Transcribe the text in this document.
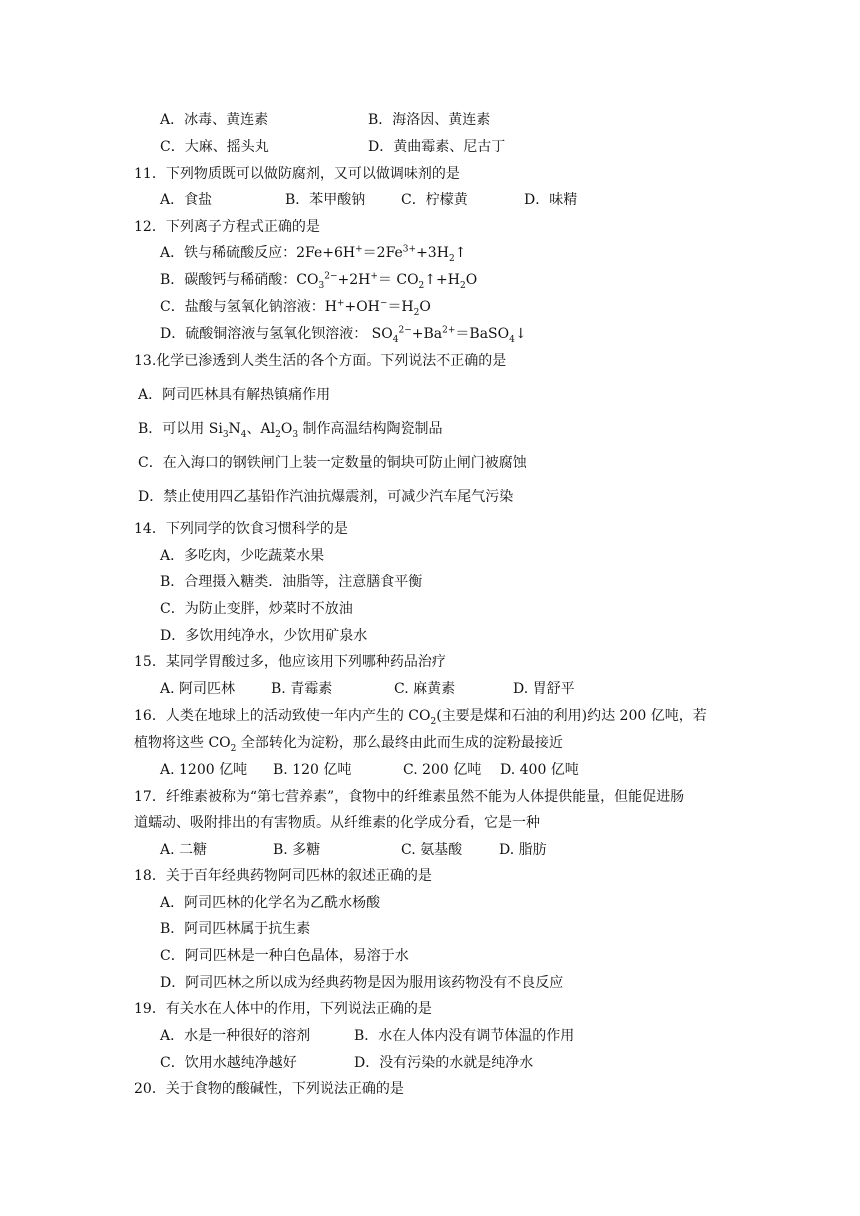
A．冰毒、黄连素	B．海洛因、黄连素
C．大麻、摇头丸	D．黄曲霉素、尼古丁
11．下列物质既可以做防腐剂，又可以做调味剂的是
A．食盐	B．苯甲酸钠	C．柠檬黄	D．味精
12．下列离子方程式正确的是
A．铁与稀硫酸反应：$2Fe+6H^+=2Fe^{3+}+3H_2↑$
B．碳酸钙与稀硝酸：$CO_3^{2-}+2H^+=$ $CO_2↑+H_2O$
C．盐酸与氢氧化钠溶液：$H^++OH^-=H_2O$
D．硫酸铜溶液与氢氧化钡溶液： $SO_4^{2-}+Ba^{2+}=BaSO_4↓$
13.化学已渗透到人类生活的各个方面。下列说法不正确的是
A．阿司匹林具有解热镇痛作用
B．可以用 $Si_3N_4$、$Al_2O_3$ 制作高温结构陶瓷制品
C．在入海口的钢铁闸门上装一定数量的铜块可防止闸门被腐蚀
D．禁止使用四乙基铅作汽油抗爆震剂，可减少汽车尾气污染
14．下列同学的饮食习惯科学的是
A．多吃肉，少吃蔬菜水果
B．合理摄入糖类．油脂等，注意膳食平衡
C．为防止变胖，炒菜时不放油
D．多饮用纯净水，少饮用矿泉水
15．某同学胃酸过多，他应该用下列哪种药品治疗
A. 阿司匹林	B. 青霉素	C. 麻黄素	D. 胃舒平
16．人类在地球上的活动致使一年内产生的 $CO_2$(主要是煤和石油的利用)约达 200 亿吨，若
植物将这些 $CO_2$ 全部转化为淀粉，那么最终由此而生成的淀粉最接近
A. 1200 亿吨 B. 120 亿吨	C. 200 亿吨 D. 400 亿吨
17．纤维素被称为“第七营养素”，食物中的纤维素虽然不能为人体提供能量，但能促进肠
道蠕动、吸附排出的有害物质。从纤维素的化学成分看，它是一种
A. 二糖	B. 多糖	C. 氨基酸	D. 脂肪
18．关于百年经典药物阿司匹林的叙述正确的是
A．阿司匹林的化学名为乙酰水杨酸
B．阿司匹林属于抗生素
C．阿司匹林是一种白色晶体，易溶于水
D．阿司匹林之所以成为经典药物是因为服用该药物没有不良反应
19．有关水在人体中的作用，下列说法正确的是
A．水是一种很好的溶剂	B．水在人体内没有调节体温的作用
C．饮用水越纯净越好	D．没有污染的水就是纯净水
20．关于食物的酸碱性，下列说法正确的是
